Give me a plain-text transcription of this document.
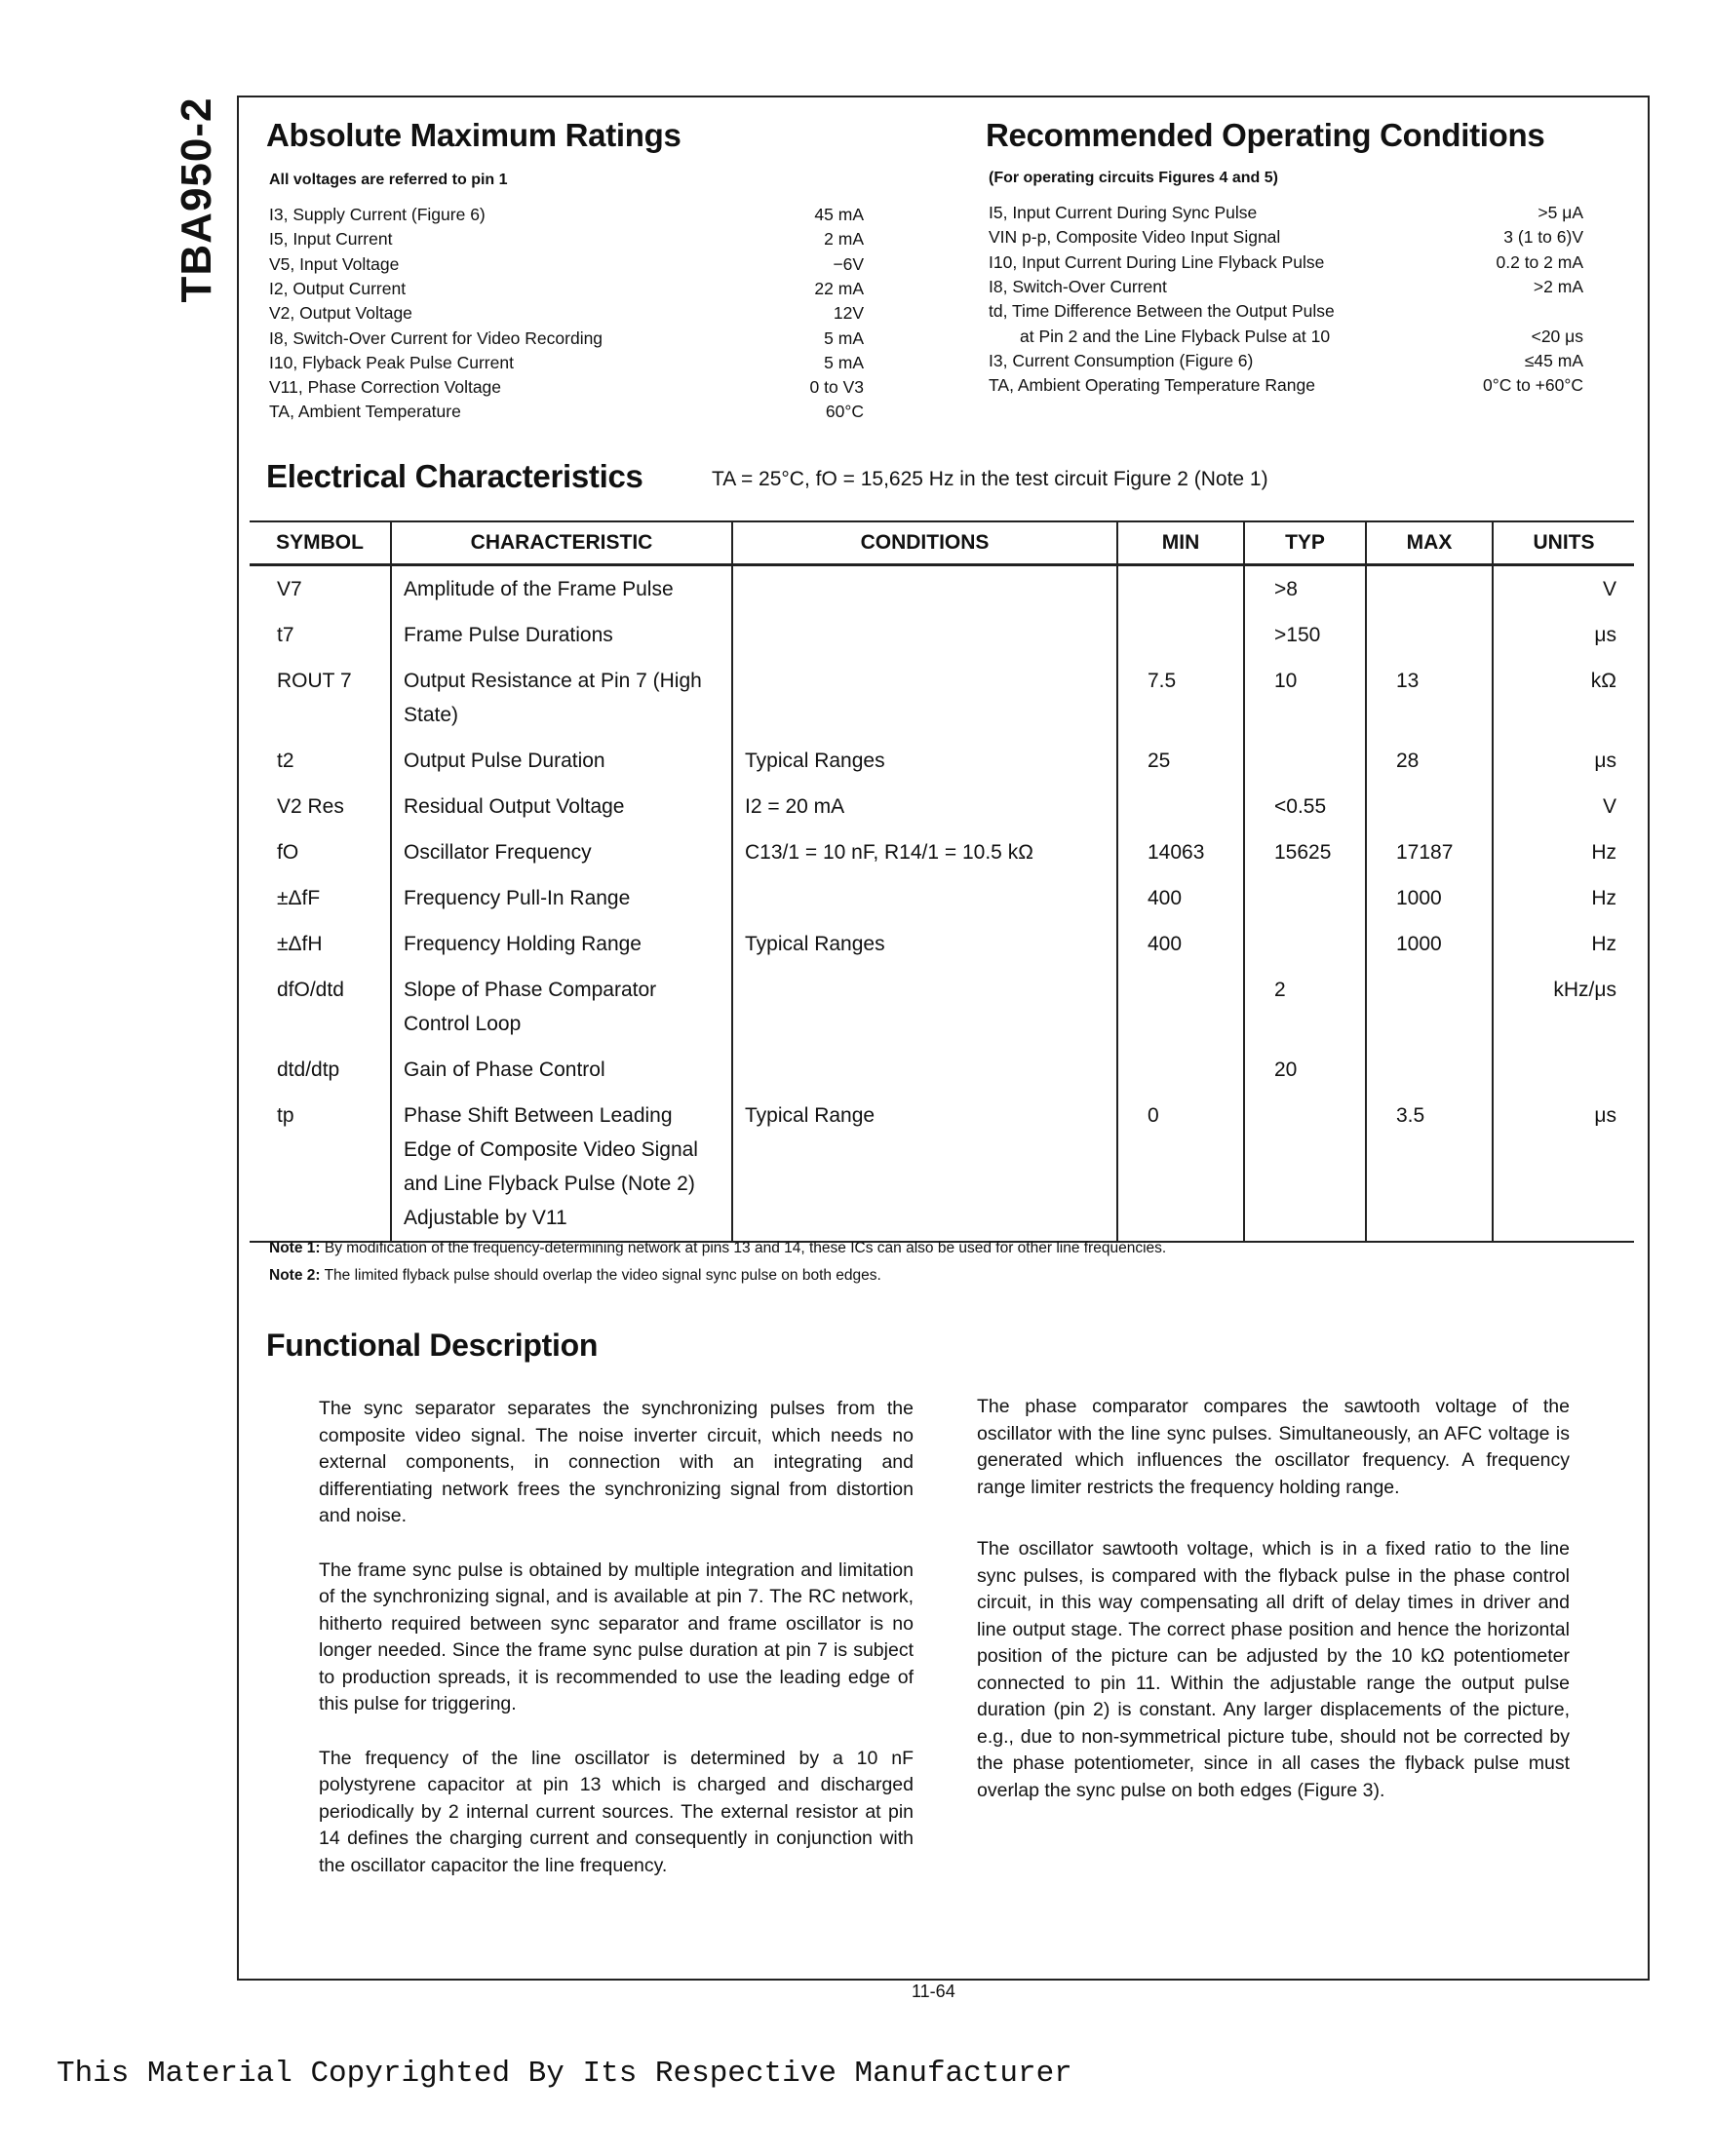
TBA950-2 Absolute Maximum Ratings
All voltages are referred to pin 1
I3, Supply Current (Figure 6)	45 mA
I5, Input Current	2 mA
V5, Input Voltage	−6V
I2, Output Current	22 mA
V2, Output Voltage	12V
I8, Switch-Over Current for Video Recording	5 mA
I10, Flyback Peak Pulse Current	5 mA
V11, Phase Correction Voltage	0 to V3
TA, Ambient Temperature	60°C
Recommended Operating Conditions
(For operating circuits Figures 4 and 5)
I5, Input Current During Sync Pulse	>5 μA
VIN p-p, Composite Video Input Signal	3 (1 to 6)V
I10, Input Current During Line Flyback Pulse	0.2 to 2 mA
I8, Switch-Over Current	>2 mA
td, Time Difference Between the Output Pulse
at Pin 2 and the Line Flyback Pulse at 10	<20 μs
I3, Current Consumption (Figure 6)	≤45 mA
TA, Ambient Operating Temperature Range	0°C to +60°C
Electrical Characteristics	TA = 25°C, fO = 15,625 Hz in the test circuit Figure 2 (Note 1)
SYMBOL	CHARACTERISTIC	CONDITIONS	MIN	TYP	MAX	UNITS
V7	Amplitude of the Frame Pulse			>8		V
t7	Frame Pulse Durations			>150		μs
ROUT 7	Output Resistance at Pin 7 (High State)		7.5	10	13	kΩ
t2	Output Pulse Duration	Typical Ranges	25		28	μs
V2 Res	Residual Output Voltage	I2 = 20 mA		<0.55		V
fO	Oscillator Frequency	C13/1 = 10 nF, R14/1 = 10.5 kΩ	14063	15625	17187	Hz
±ΔfF	Frequency Pull-In Range		400		1000	Hz
±ΔfH	Frequency Holding Range	Typical Ranges	400		1000	Hz
dfO/dtd	Slope of Phase Comparator Control Loop			2		kHz/μs
dtd/dtp	Gain of Phase Control			20		
tp	Phase Shift Between Leading Edge of Composite Video Signal and Line Flyback Pulse (Note 2) Adjustable by V11	Typical Range	0		3.5	μs
Note 1: By modification of the frequency-determining network at pins 13 and 14, these ICs can also be used for other line frequencies.
Note 2: The limited flyback pulse should overlap the video signal sync pulse on both edges.
Functional Description

The sync separator separates the synchronizing pulses from the composite video signal. The noise inverter circuit, which needs no external components, in connection with an integrating and differentiating network frees the synchronizing signal from distortion and noise.

The frame sync pulse is obtained by multiple integration and limitation of the synchronizing signal, and is available at pin 7. The RC network, hitherto required between sync separator and frame oscillator is no longer needed. Since the frame sync pulse duration at pin 7 is subject to production spreads, it is recommended to use the leading edge of this pulse for triggering.

The frequency of the line oscillator is determined by a 10 nF polystyrene capacitor at pin 13 which is charged and discharged periodically by 2 internal current sources. The external resistor at pin 14 defines the charging current and consequently in conjunction with the oscillator capacitor the line frequency.

The phase comparator compares the sawtooth voltage of the oscillator with the line sync pulses. Simultaneously, an AFC voltage is generated which influences the oscillator frequency. A frequency range limiter restricts the frequency holding range.

The oscillator sawtooth voltage, which is in a fixed ratio to the line sync pulses, is compared with the flyback pulse in the phase control circuit, in this way compensating all drift of delay times in driver and line output stage. The correct phase position and hence the horizontal position of the picture can be adjusted by the 10 kΩ potentiometer connected to pin 11. Within the adjustable range the output pulse duration (pin 2) is constant. Any larger displacements of the picture, e.g., due to non-symmetrical picture tube, should not be corrected by the phase potentiometer, since in all cases the flyback pulse must overlap the sync pulse on both edges (Figure 3).

11-64
This Material Copyrighted By Its Respective Manufacturer
